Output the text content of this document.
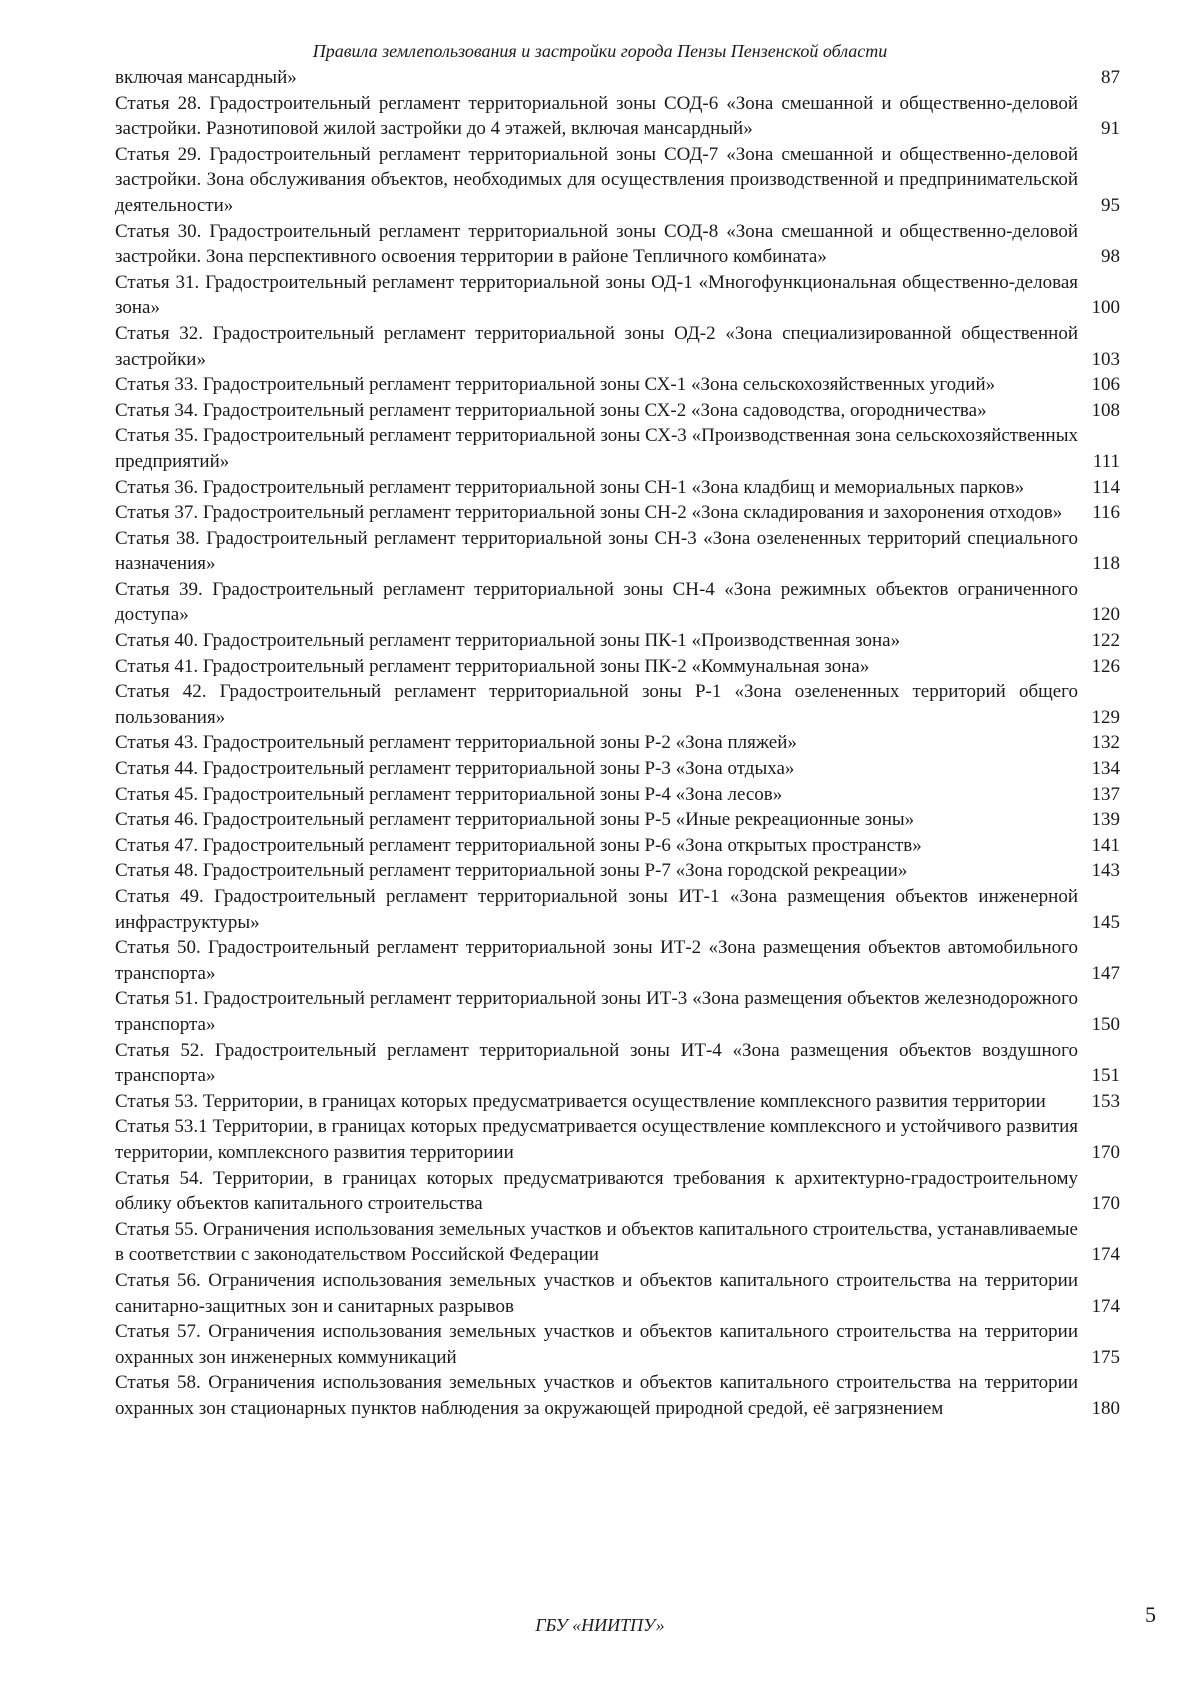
Правила землепользования и застройки города Пензы Пензенской области
включая мансардный»	87
Статья 28. Градостроительный регламент территориальной зоны СОД-6 «Зона смешанной и общественно-деловой застройки. Разнотиповой жилой застройки до 4 этажей, включая мансардный»	91
Статья 29. Градостроительный регламент территориальной зоны СОД-7 «Зона смешанной и общественно-деловой застройки. Зона обслуживания объектов, необходимых для осуществления производственной и предпринимательской деятельности»	95
Статья 30. Градостроительный регламент территориальной зоны СОД-8 «Зона смешанной и общественно-деловой застройки. Зона перспективного освоения территории в районе Тепличного комбината»	98
Статья 31. Градостроительный регламент территориальной зоны ОД-1 «Многофункциональная общественно-деловая зона»	100
Статья 32. Градостроительный регламент территориальной зоны ОД-2 «Зона специализированной общественной застройки»	103
Статья 33. Градостроительный регламент территориальной зоны СХ-1 «Зона сельскохозяйственных угодий»	106
Статья 34. Градостроительный регламент территориальной зоны СХ-2 «Зона садоводства, огородничества»	108
Статья 35. Градостроительный регламент территориальной зоны СХ-3 «Производственная зона сельскохозяйственных предприятий»	111
Статья 36. Градостроительный регламент территориальной зоны СН-1 «Зона кладбищ и мемориальных парков»	114
Статья 37. Градостроительный регламент территориальной зоны СН-2 «Зона складирования и захоронения отходов»	116
Статья 38. Градостроительный регламент территориальной зоны СН-3 «Зона озелененных территорий специального назначения»	118
Статья 39. Градостроительный регламент территориальной зоны СН-4 «Зона режимных объектов ограниченного доступа»	120
Статья 40. Градостроительный регламент территориальной зоны ПК-1 «Производственная зона»	122
Статья 41. Градостроительный регламент территориальной зоны ПК-2 «Коммунальная зона»	126
Статья 42. Градостроительный регламент территориальной зоны Р-1 «Зона озелененных территорий общего пользования»	129
Статья 43. Градостроительный регламент территориальной зоны Р-2 «Зона пляжей»	132
Статья 44. Градостроительный регламент территориальной зоны Р-3 «Зона отдыха»	134
Статья 45. Градостроительный регламент территориальной зоны Р-4 «Зона лесов»	137
Статья 46. Градостроительный регламент территориальной зоны Р-5 «Иные рекреационные зоны»	139
Статья 47. Градостроительный регламент территориальной зоны Р-6 «Зона открытых пространств»	141
Статья 48. Градостроительный регламент территориальной зоны Р-7 «Зона городской рекреации»	143
Статья 49. Градостроительный регламент территориальной зоны ИТ-1 «Зона размещения объектов инженерной инфраструктуры»	145
Статья 50. Градостроительный регламент территориальной зоны ИТ-2 «Зона размещения объектов автомобильного транспорта»	147
Статья 51. Градостроительный регламент территориальной зоны ИТ-3 «Зона размещения объектов железнодорожного транспорта»	150
Статья 52. Градостроительный регламент территориальной зоны ИТ-4 «Зона размещения объектов воздушного транспорта»	151
Статья 53. Территории, в границах которых предусматривается осуществление комплексного развития территории	153
Статья 53.1 Территории, в границах которых предусматривается осуществление комплексного и устойчивого развития территории, комплексного развития территориии	170
Статья 54. Территории, в границах которых предусматриваются требования к архитектурно-градостроительному облику объектов капитального строительства	170
Статья 55. Ограничения использования земельных участков и объектов капитального строительства, устанавливаемые в соответствии с законодательством Российской Федерации	174
Статья 56. Ограничения использования земельных участков и объектов капитального строительства на территории санитарно-защитных зон и санитарных разрывов	174
Статья 57. Ограничения использования земельных участков и объектов капитального строительства на территории охранных зон инженерных коммуникаций	175
Статья 58. Ограничения использования земельных участков и объектов капитального строительства на территории охранных зон стационарных пунктов наблюдения за окружающей природной средой, её загрязнением	180
ГБУ «НИИТПУ»	5
